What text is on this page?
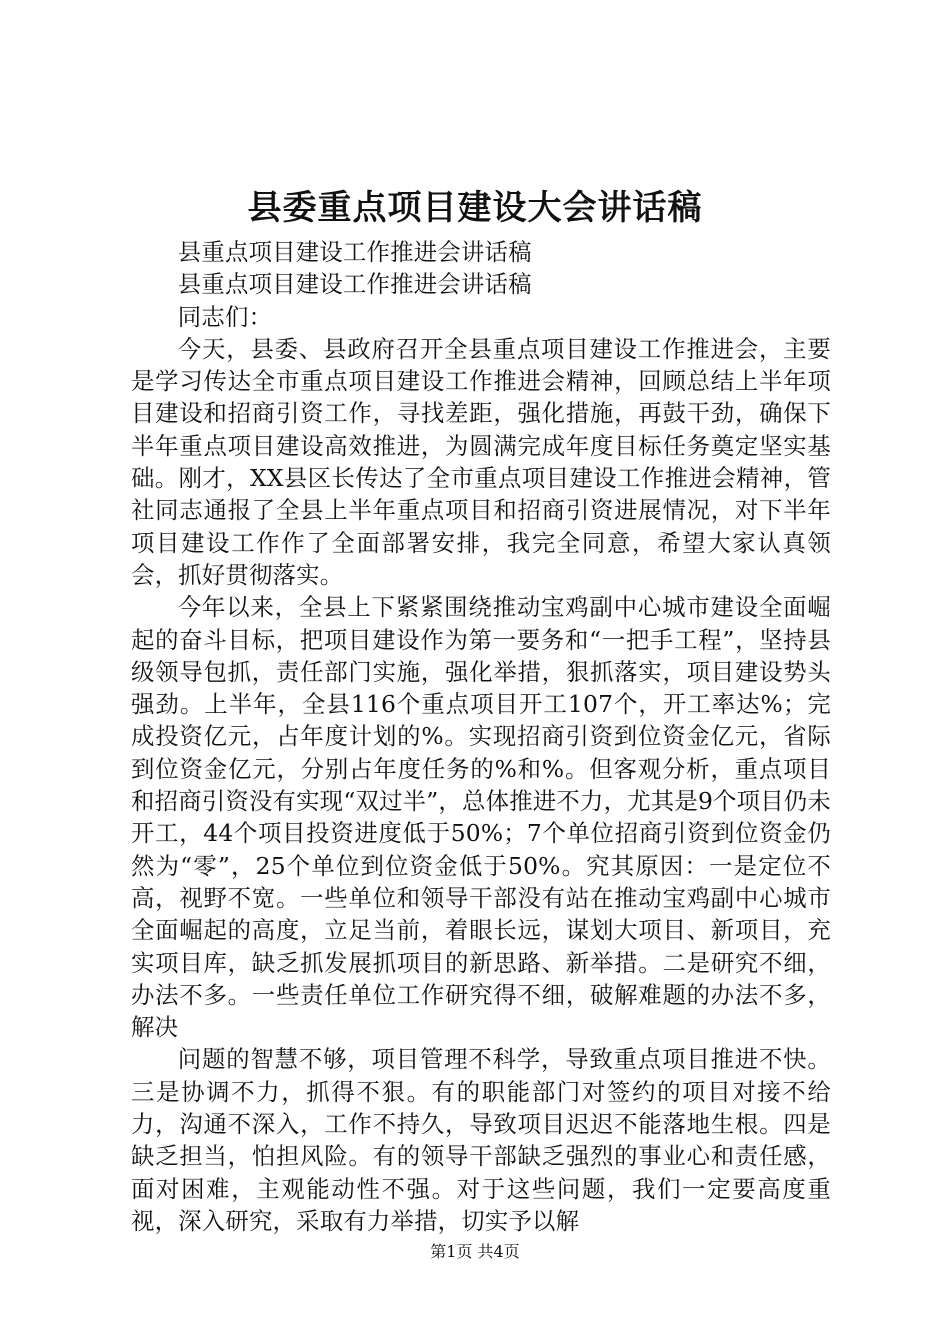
县委重点项目建设大会讲话稿

县重点项目建设工作推进会讲话稿

县重点项目建设工作推进会讲话稿

同志们：

今天，县委、县政府召开全县重点项目建设工作推进会，主要是学习传达全市重点项目建设工作推进会精神，回顾总结上半年项目建设和招商引资工作，寻找差距，强化措施，再鼓干劲，确保下半年重点项目建设高效推进，为圆满完成年度目标任务奠定坚实基础。刚才，XX县区长传达了全市重点项目建设工作推进会精神，管社同志通报了全县上半年重点项目和招商引资进展情况，对下半年项目建设工作作了全面部署安排，我完全同意，希望大家认真领会，抓好贯彻落实。

今年以来，全县上下紧紧围绕推动宝鸡副中心城市建设全面崛起的奋斗目标，把项目建设作为第一要务和“一把手工程”，坚持县级领导包抓，责任部门实施，强化举措，狠抓落实，项目建设势头强劲。上半年，全县116个重点项目开工107个，开工率达%；完成投资亿元，占年度计划的%。实现招商引资到位资金亿元，省际到位资金亿元，分别占年度任务的%和%。但客观分析，重点项目和招商引资没有实现“双过半”，总体推进不力，尤其是9个项目仍未开工，44个项目投资进度低于50%；7个单位招商引资到位资金仍然为“零”，25个单位到位资金低于50%。究其原因：一是定位不高，视野不宽。一些单位和领导干部没有站在推动宝鸡副中心城市全面崛起的高度，立足当前，着眼长远，谋划大项目、新项目，充实项目库，缺乏抓发展抓项目的新思路、新举措。二是研究不细，办法不多。一些责任单位工作研究得不细，破解难题的办法不多，解决

问题的智慧不够，项目管理不科学，导致重点项目推进不快。三是协调不力，抓得不狠。有的职能部门对签约的项目对接不给力，沟通不深入，工作不持久，导致项目迟迟不能落地生根。四是缺乏担当，怕担风险。有的领导干部缺乏强烈的事业心和责任感，面对困难，主观能动性不强。对于这些问题，我们一定要高度重视，深入研究，采取有力举措，切实予以解

第1页 共4页
